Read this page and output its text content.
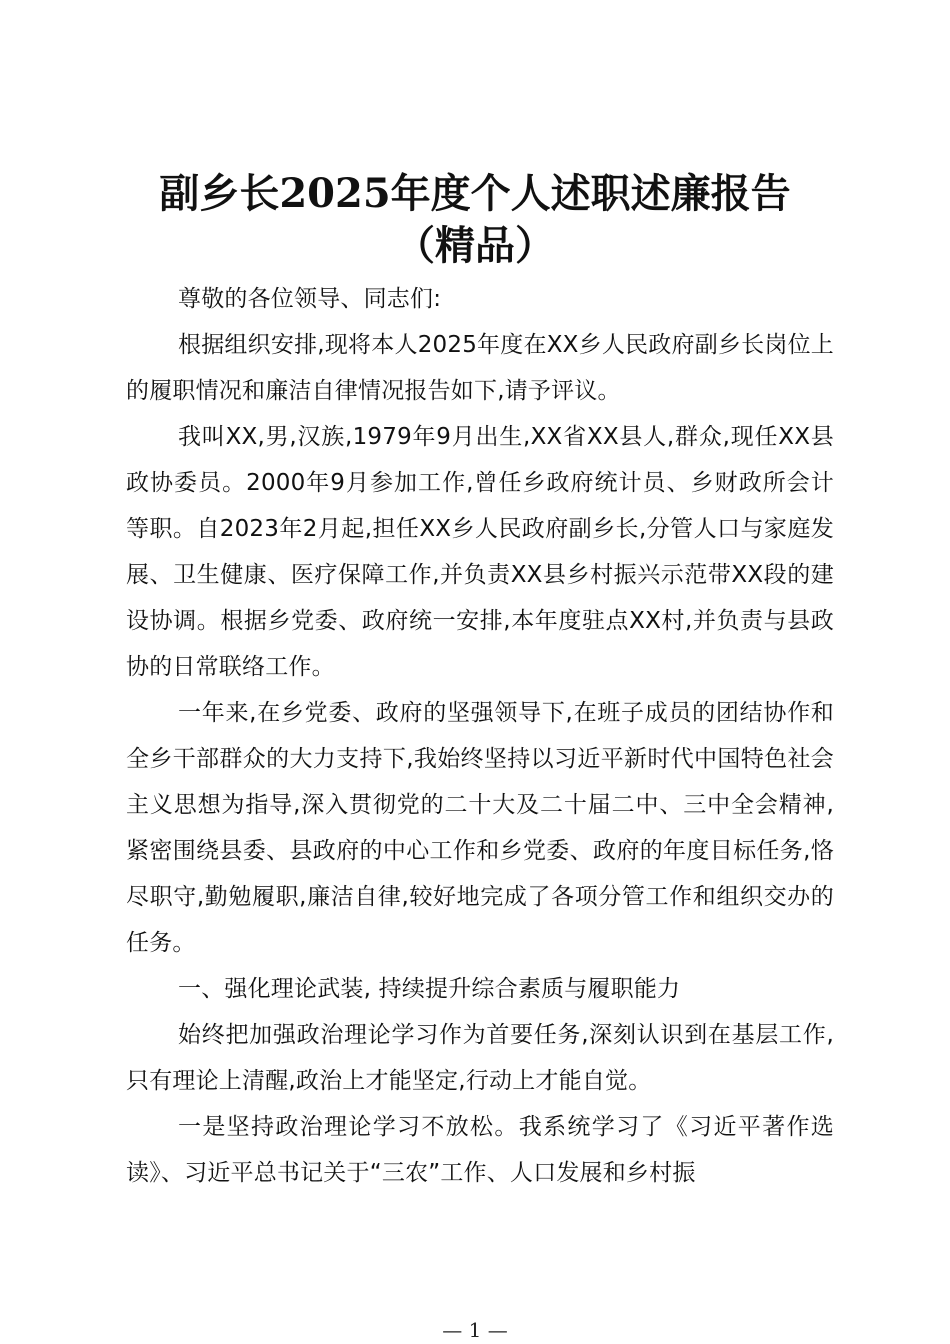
副乡长2025年度个人述职述廉报告
（精品）

尊敬的各位领导、同志们:

根据组织安排,现将本人2025年度在XX乡人民政府副乡长岗位上的履职情况和廉洁自律情况报告如下,请予评议。

我叫XX,男,汉族,1979年9月出生,XX省XX县人,群众,现任XX县政协委员。2000年9月参加工作,曾任乡政府统计员、乡财政所会计等职。自2023年2月起,担任XX乡人民政府副乡长,分管人口与家庭发展、卫生健康、医疗保障工作,并负责XX县乡村振兴示范带XX段的建设协调。根据乡党委、政府统一安排,本年度驻点XX村,并负责与县政协的日常联络工作。

一年来,在乡党委、政府的坚强领导下,在班子成员的团结协作和全乡干部群众的大力支持下,我始终坚持以习近平新时代中国特色社会主义思想为指导,深入贯彻党的二十大及二十届二中、三中全会精神,紧密围绕县委、县政府的中心工作和乡党委、政府的年度目标任务,恪尽职守,勤勉履职,廉洁自律,较好地完成了各项分管工作和组织交办的任务。

一、强化理论武装, 持续提升综合素质与履职能力

始终把加强政治理论学习作为首要任务,深刻认识到在基层工作,只有理论上清醒,政治上才能坚定,行动上才能自觉。

一是坚持政治理论学习不放松。我系统学习了《习近平著作选读》、习近平总书记关于“三农”工作、人口发展和乡村振

— 1 —
